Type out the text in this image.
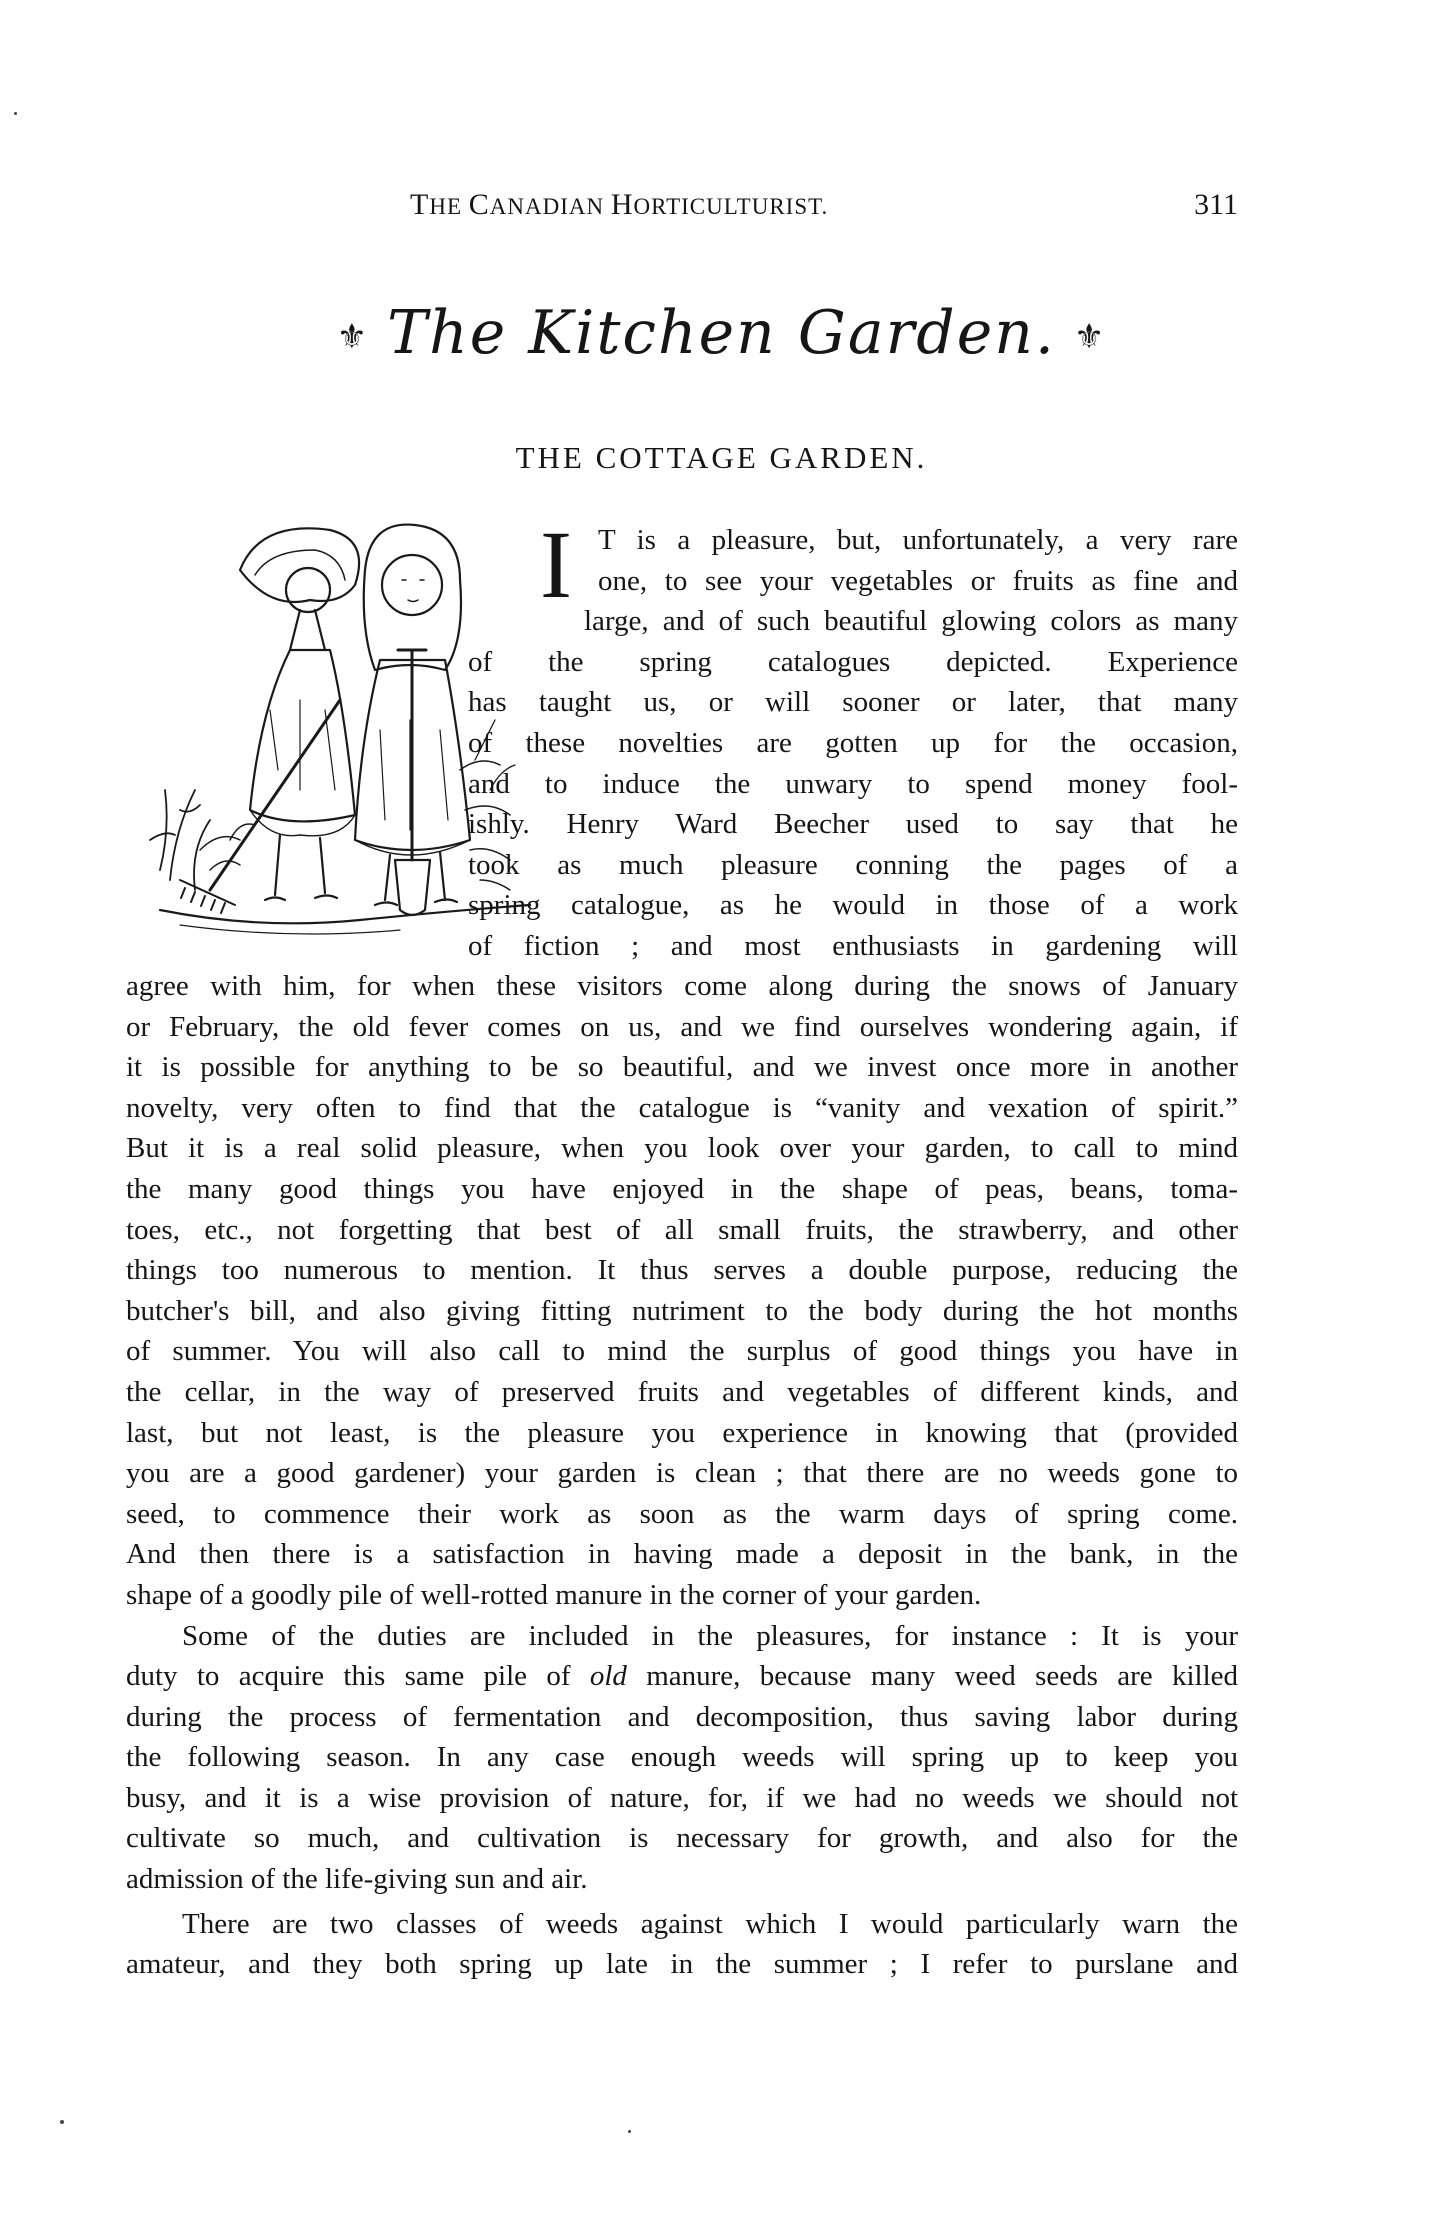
THE CANADIAN HORTICULTURIST.	311
⚜ The Kitchen Garden. ⚜
THE COTTAGE GARDEN.
I T is a pleasure, but, unfortunately, a very rare
one, to see your vegetables or fruits as fine and
large, and of such beautiful glowing colors as many
of the spring catalogues depicted. Experience
has taught us, or will sooner or later, that many
of these novelties are gotten up for the occasion,
and to induce the unwary to spend money fool-
ishly. Henry Ward Beecher used to say that he
took as much pleasure conning the pages of a
spring catalogue, as he would in those of a work
of fiction ; and most enthusiasts in gardening will
agree with him, for when these visitors come along during the snows of January
or February, the old fever comes on us, and we find ourselves wondering again, if
it is possible for anything to be so beautiful, and we invest once more in another
novelty, very often to find that the catalogue is “vanity and vexation of spirit.”
But it is a real solid pleasure, when you look over your garden, to call to mind
the many good things you have enjoyed in the shape of peas, beans, toma-
toes, etc., not forgetting that best of all small fruits, the strawberry, and other
things too numerous to mention. It thus serves a double purpose, reducing the
butcher's bill, and also giving fitting nutriment to the body during the hot months
of summer. You will also call to mind the surplus of good things you have in
the cellar, in the way of preserved fruits and vegetables of different kinds, and
last, but not least, is the pleasure you experience in knowing that (provided
you are a good gardener) your garden is clean ; that there are no weeds gone to
seed, to commence their work as soon as the warm days of spring come.
And then there is a satisfaction in having made a deposit in the bank, in the
shape of a goodly pile of well-rotted manure in the corner of your garden.
Some of the duties are included in the pleasures, for instance : It is your
duty to acquire this same pile of old manure, because many weed seeds are killed
during the process of fermentation and decomposition, thus saving labor during
the following season. In any case enough weeds will spring up to keep you
busy, and it is a wise provision of nature, for, if we had no weeds we should not
cultivate so much, and cultivation is necessary for growth, and also for the
admission of the life-giving sun and air.
There are two classes of weeds against which I would particularly warn the
amateur, and they both spring up late in the summer ; I refer to purslane and
